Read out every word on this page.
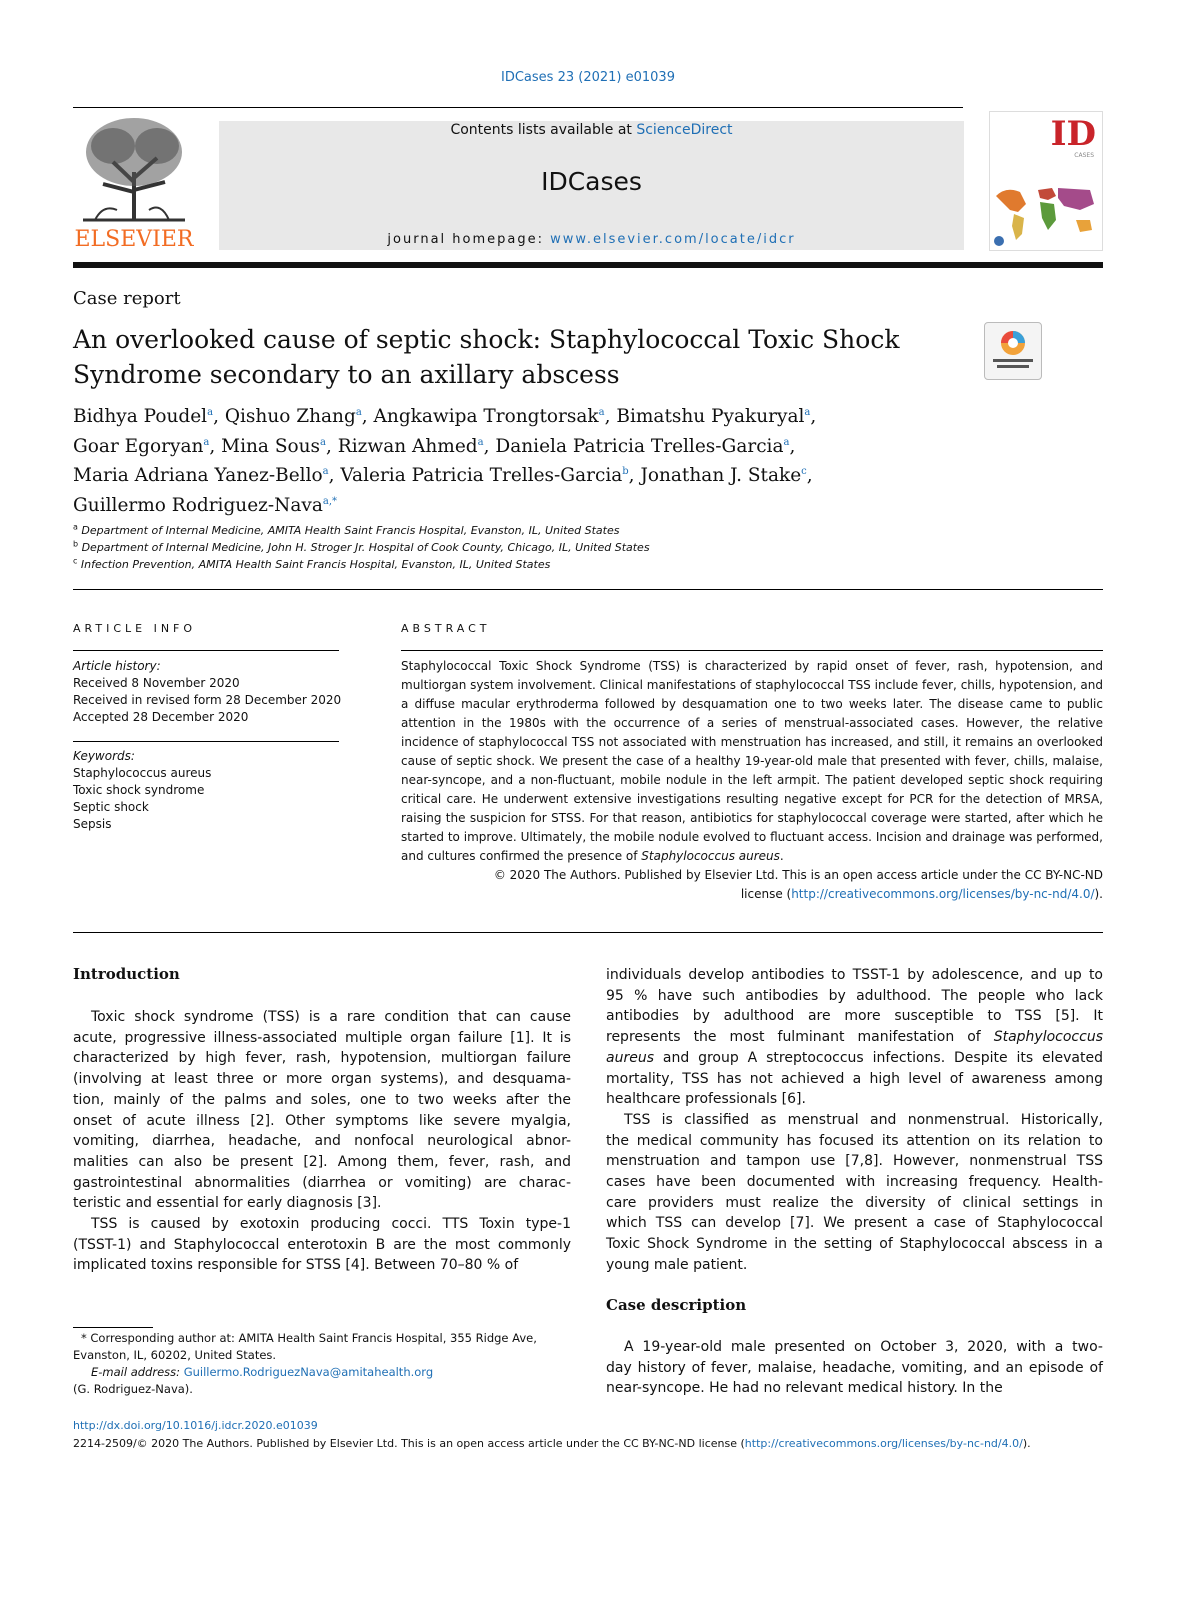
IDCases 23 (2021) e01039
ELSEVIER
Contents lists available at ScienceDirect
IDCases
journal homepage: www.elsevier.com/locate/idcr
ID
CASES
Case report
An overlooked cause of septic shock: Staphylococcal Toxic Shock
Syndrome secondary to an axillary abscess
Bidhya Poudel$^a$, Qishuo Zhang$^a$, Angkawipa Trongtorsak$^a$, Bimatshu Pyakuryal$^a$,
Goar Egoryan$^a$, Mina Sous$^a$, Rizwan Ahmed$^a$, Daniela Patricia Trelles-Garcia$^a$,
Maria Adriana Yanez-Bello$^a$, Valeria Patricia Trelles-Garcia$^b$, Jonathan J. Stake$^c$,
Guillermo Rodriguez-Nava$^{a,*}$
$^a$ Department of Internal Medicine, AMITA Health Saint Francis Hospital, Evanston, IL, United States
$^b$ Department of Internal Medicine, John H. Stroger Jr. Hospital of Cook County, Chicago, IL, United States
$^c$ Infection Prevention, AMITA Health Saint Francis Hospital, Evanston, IL, United States
ARTICLE INFO
Article history:
Received 8 November 2020
Received in revised form 28 December 2020
Accepted 28 December 2020
Keywords:
Staphylococcus aureus
Toxic shock syndrome
Septic shock
Sepsis
ABSTRACT
Staphylococcal Toxic Shock Syndrome (TSS) is characterized by rapid onset of fever, rash, hypotension, and multiorgan system involvement. Clinical manifestations of staphylococcal TSS include fever, chills, hypotension, and a diffuse macular erythroderma followed by desquamation one to two weeks later. The disease came to public attention in the 1980s with the occurrence of a series of menstrual-associated cases. However, the relative incidence of staphylococcal TSS not associated with menstruation has increased, and still, it remains an overlooked cause of septic shock. We present the case of a healthy 19-year-old male that presented with fever, chills, malaise, near-syncope, and a non-fluctuant, mobile nodule in the left armpit. The patient developed septic shock requiring critical care. He underwent extensive investigations resulting negative except for PCR for the detection of MRSA, raising the suspicion for STSS. For that reason, antibiotics for staphylococcal coverage were started, after which he started to improve. Ultimately, the mobile nodule evolved to fluctuant access. Incision and drainage was performed, and cultures confirmed the presence of Staphylococcus aureus.
© 2020 The Authors. Published by Elsevier Ltd. This is an open access article under the CC BY-NC-ND
license (http://creativecommons.org/licenses/by-nc-nd/4.0/).
Introduction
Toxic shock syndrome (TSS) is a rare condition that can cause
acute, progressive illness-associated multiple organ failure [1]. It is
characterized by high fever, rash, hypotension, multiorgan failure
(involving at least three or more organ systems), and desquama-
tion, mainly of the palms and soles, one to two weeks after the
onset of acute illness [2]. Other symptoms like severe myalgia,
vomiting, diarrhea, headache, and nonfocal neurological abnor-
malities can also be present [2]. Among them, fever, rash, and
gastrointestinal abnormalities (diarrhea or vomiting) are charac-
teristic and essential for early diagnosis [3].
TSS is caused by exotoxin producing cocci. TTS Toxin type-1
(TSST-1) and Staphylococcal enterotoxin B are the most commonly
implicated toxins responsible for STSS [4]. Between 70–80 % of
* Corresponding author at: AMITA Health Saint Francis Hospital, 355 Ridge Ave,
Evanston, IL, 60202, United States.
E-mail address: Guillermo.RodriguezNava@amitahealth.org
(G. Rodriguez-Nava).
individuals develop antibodies to TSST-1 by adolescence, and up to
95 % have such antibodies by adulthood. The people who lack
antibodies by adulthood are more susceptible to TSS [5]. It
represents the most fulminant manifestation of Staphylococcus
aureus and group A streptococcus infections. Despite its elevated
mortality, TSS has not achieved a high level of awareness among
healthcare professionals [6].
TSS is classified as menstrual and nonmenstrual. Historically,
the medical community has focused its attention on its relation to
menstruation and tampon use [7,8]. However, nonmenstrual TSS
cases have been documented with increasing frequency. Health-
care providers must realize the diversity of clinical settings in
which TSS can develop [7]. We present a case of Staphylococcal
Toxic Shock Syndrome in the setting of Staphylococcal abscess in a
young male patient.
Case description
A 19-year-old male presented on October 3, 2020, with a two-
day history of fever, malaise, headache, vomiting, and an episode of
near-syncope. He had no relevant medical history. In the
http://dx.doi.org/10.1016/j.idcr.2020.e01039
2214-2509/© 2020 The Authors. Published by Elsevier Ltd. This is an open access article under the CC BY-NC-ND license (http://creativecommons.org/licenses/by-nc-nd/4.0/).
